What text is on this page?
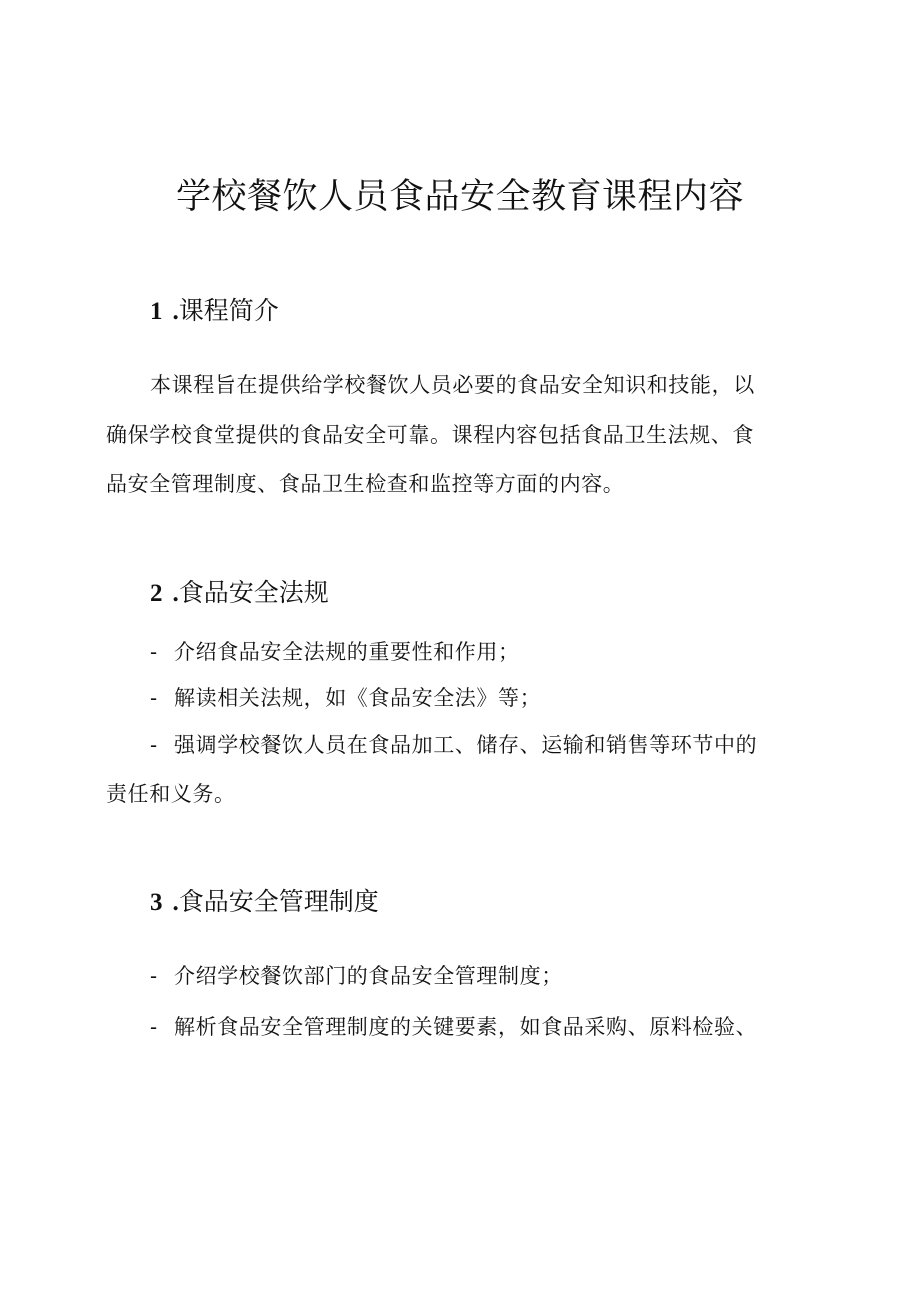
学校餐饮人员食品安全教育课程内容
1 .课程简介

本课程旨在提供给学校餐饮人员必要的食品安全知识和技能，以

确保学校食堂提供的食品安全可靠。课程内容包括食品卫生法规、食

品安全管理制度、食品卫生检查和监控等方面的内容。

2 .食品安全法规

- 介绍食品安全法规的重要性和作用；

- 解读相关法规，如《食品安全法》等；

- 强调学校餐饮人员在食品加工、储存、运输和销售等环节中的

责任和义务。

3 .食品安全管理制度

- 介绍学校餐饮部门的食品安全管理制度；

- 解析食品安全管理制度的关键要素，如食品采购、原料检验、
